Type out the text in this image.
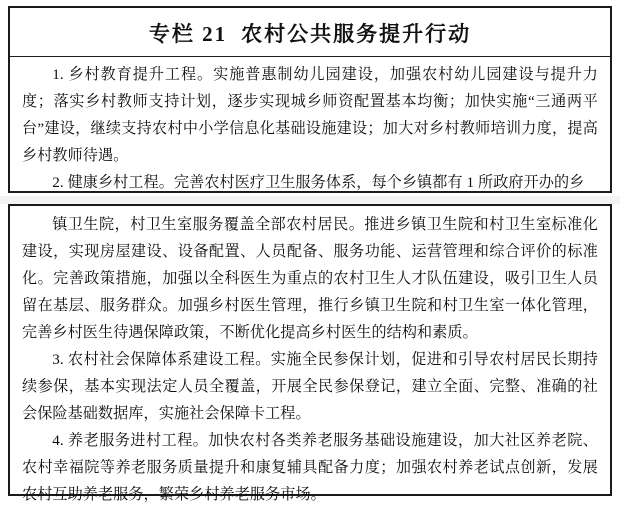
专栏 21 农村公共服务提升行动

1. 乡村教育提升工程。实施普惠制幼儿园建设，加强农村幼儿园建设与提升力度；落实乡村教师支持计划，逐步实现城乡师资配置基本均衡；加快实施“三通两平台”建设，继续支持农村中小学信息化基础设施建设；加大对乡村教师培训力度，提高乡村教师待遇。

2. 健康乡村工程。完善农村医疗卫生服务体系，每个乡镇都有 1 所政府开办的乡

镇卫生院，村卫生室服务覆盖全部农村居民。推进乡镇卫生院和村卫生室标准化建设，实现房屋建设、设备配置、人员配备、服务功能、运营管理和综合评价的标准化。完善政策措施，加强以全科医生为重点的农村卫生人才队伍建设，吸引卫生人员留在基层、服务群众。加强乡村医生管理，推行乡镇卫生院和村卫生室一体化管理，完善乡村医生待遇保障政策，不断优化提高乡村医生的结构和素质。

3. 农村社会保障体系建设工程。实施全民参保计划，促进和引导农村居民长期持续参保，基本实现法定人员全覆盖，开展全民参保登记，建立全面、完整、准确的社会保险基础数据库，实施社会保障卡工程。

4. 养老服务进村工程。加快农村各类养老服务基础设施建设，加大社区养老院、农村幸福院等养老服务质量提升和康复辅具配备力度；加强农村养老试点创新，发展农村互助养老服务，繁荣乡村养老服务市场。
